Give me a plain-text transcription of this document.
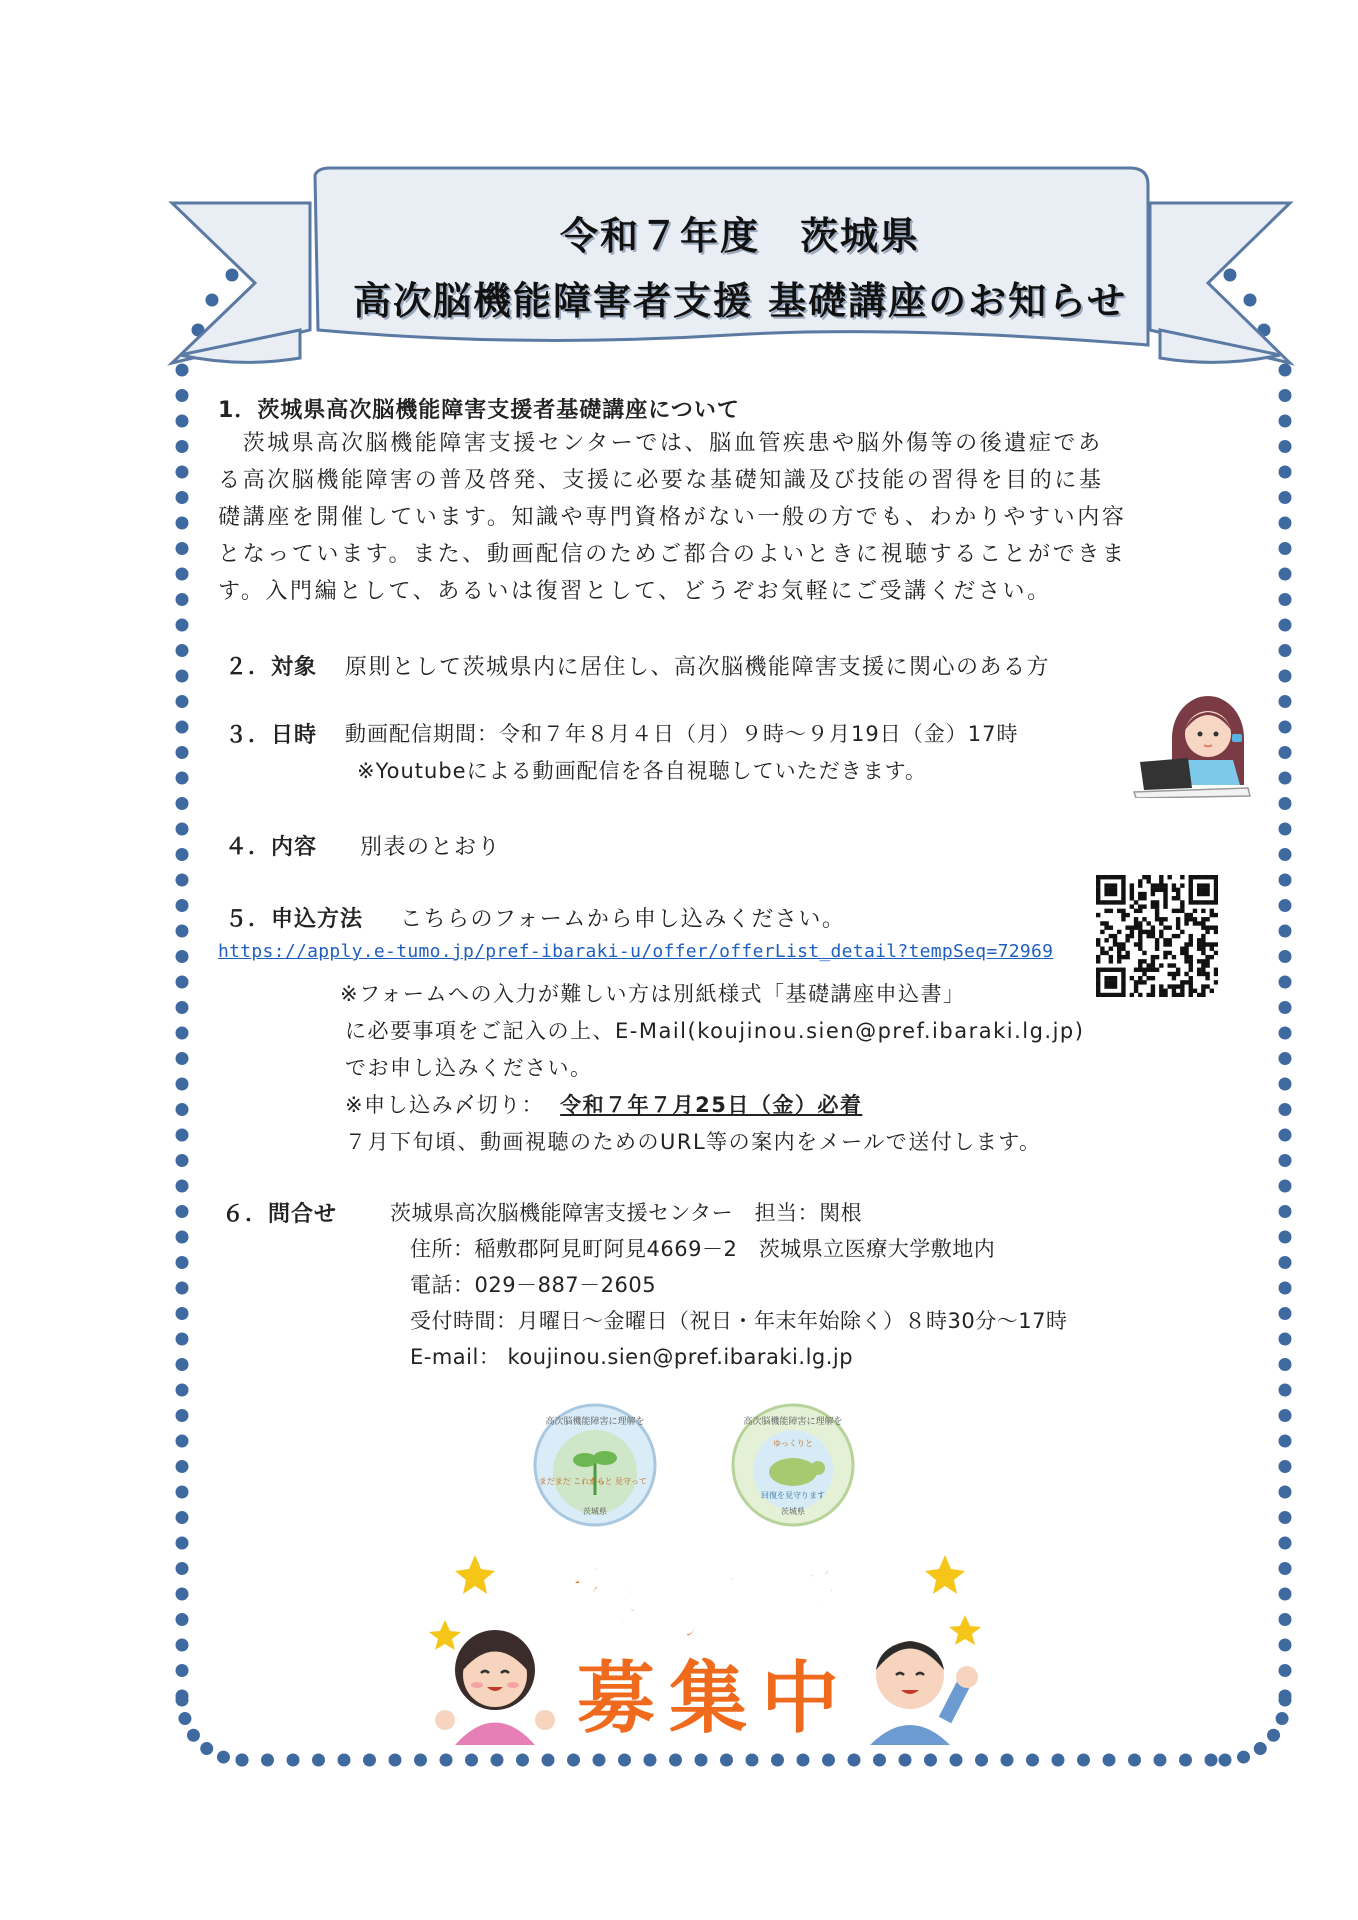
令和７年度　茨城県
高次脳機能障害者支援 基礎講座のお知らせ
1．茨城県高次脳機能障害支援者基礎講座について
　茨城県高次脳機能障害支援センターでは、脳血管疾患や脳外傷等の後遺症であ
る高次脳機能障害の普及啓発、支援に必要な基礎知識及び技能の習得を目的に基
礎講座を開催しています。知識や専門資格がない一般の方でも、わかりやすい内容
となっています。また、動画配信のためご都合のよいときに視聴することができま
す。入門編として、あるいは復習として、どうぞお気軽にご受講ください。
２．対象 原則として茨城県内に居住し、高次脳機能障害支援に関心のある方
３．日時 動画配信期間：令和７年８月４日（月）９時～９月19日（金）17時
※Youtubeによる動画配信を各自視聴していただきます。
４．内容 別表のとおり
５．申込方法 こちらのフォームから申し込みください。
https://apply.e-tumo.jp/pref-ibaraki-u/offer/offerList_detail?tempSeq=72969
※フォームへの入力が難しい方は別紙様式「基礎講座申込書」
に必要事項をご記入の上、E-Mail(koujinou.sien@pref.ibaraki.lg.jp)
でお申し込みください。
※申し込み〆切り： 令和７年７月25日（金）必着
７月下旬頃、動画視聴のためのURL等の案内をメールで送付します。
６．問合せ	茨城県高次脳機能障害支援センター　担当：関根
住所：稲敷郡阿見町阿見4669－2　茨城県立医療大学敷地内
電話：029－887－2605
受付時間：月曜日～金曜日（祝日・年末年始除く）８時30分～17時
E-mail： koujinou.sien@pref.ibaraki.lg.jp
高次脳機能障害に理解を
まだまだ これから
ずっと 見守って
茨城県
高次脳機能障害に理解を
ゆっくりと
回復を見守ります
茨城県
参加者
募集中
